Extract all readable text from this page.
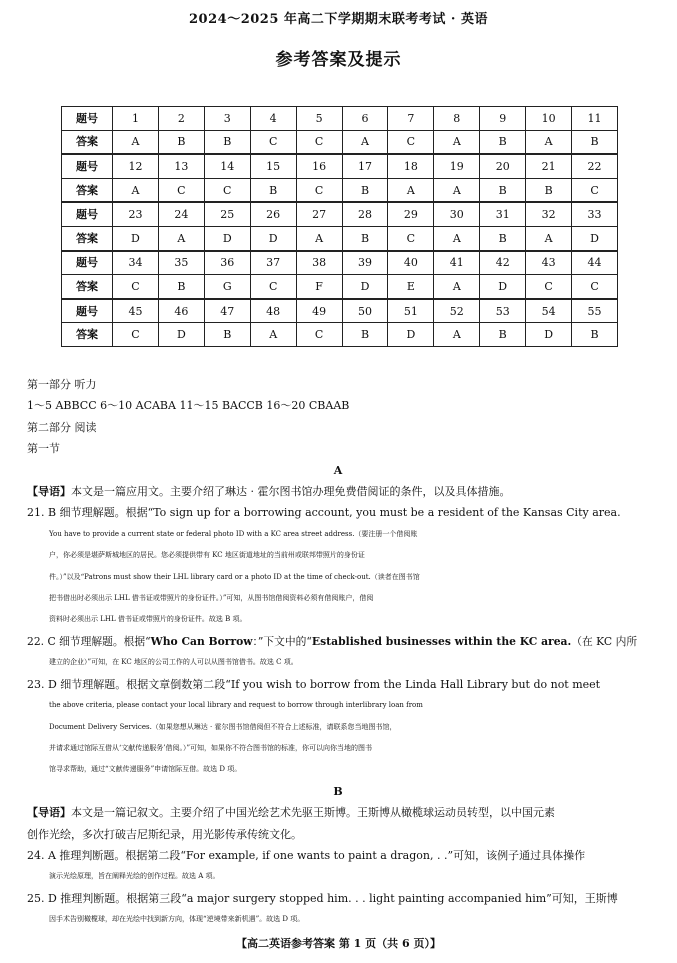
2024～2025 年高二下学期期末联考考试 · 英语
参考答案及提示
题号	1	2	3	4	5	6	7	8	9	10	11
答案	A	B	B	C	C	A	C	A	B	A	B
题号	12	13	14	15	16	17	18	19	20	21	22
答案	A	C	C	B	C	B	A	A	B	B	C
题号	23	24	25	26	27	28	29	30	31	32	33
答案	D	A	D	D	A	B	C	A	B	A	D
题号	34	35	36	37	38	39	40	41	42	43	44
答案	C	B	G	C	F	D	E	A	D	C	C
题号	45	46	47	48	49	50	51	52	53	54	55
答案	C	D	B	A	C	B	D	A	B	D	B
第一部分 听力
1～5 ABBCC 6～10 ACABA 11～15 BACCB 16～20 CBAAB
第二部分 阅读
第一节
A
【导语】本文是一篇应用文。主要介绍了琳达 · 霍尔图书馆办理免费借阅证的条件，以及具体措施。
21. B 细节理解题。根据“To sign up for a borrowing account, you must be a resident of the Kansas City area.
You have to provide a current state or federal photo ID with a KC area street address.（要注册一个借阅账
户，你必须是堪萨斯城地区的居民。您必须提供带有 KC 地区街道地址的当前州或联邦带照片的身份证
件。）”以及“Patrons must show their LHL library card or a photo ID at the time of check-out.（读者在图书馆
把书借出时必须出示 LHL 借书证或带照片的身份证件。）”可知，从图书馆借阅资料必须有借阅账户，借阅
资料时必须出示 LHL 借书证或带照片的身份证件。故选 B 项。
22. C 细节理解题。根据“Who Can Borrow：”下文中的“Established businesses within the KC area.（在 KC 内所
建立的企业）”可知，在 KC 地区的公司工作的人可以从图书馆借书。故选 C 项。
23. D 细节理解题。根据文章倒数第二段“If you wish to borrow from the Linda Hall Library but do not meet
the above criteria, please contact your local library and request to borrow through interlibrary loan from
Document Delivery Services.（如果您想从琳达 · 霍尔图书馆借阅但不符合上述标准，请联系您当地图书馆，
并请求通过馆际互借从‘文献传递服务’借阅。）”可知，如果你不符合图书馆的标准，你可以向你当地的图书
馆寻求帮助，通过“文献传递服务”申请馆际互借。故选 D 项。
B
【导语】本文是一篇记叙文。主要介绍了中国光绘艺术先驱王斯博。王斯博从橄榄球运动员转型，以中国元素
创作光绘，多次打破吉尼斯纪录，用光影传承传统文化。
24. A 推理判断题。根据第二段“For example, if one wants to paint a dragon, . .”可知，该例子通过具体操作
演示光绘原理，旨在阐释光绘的创作过程。故选 A 项。
25. D 推理判断题。根据第三段“a major surgery stopped him. . . light painting accompanied him”可知，王斯博
因手术告别橄榄球，却在光绘中找到新方向，体现“逆境带来新机遇”。故选 D 项。
【高二英语参考答案 第 1 页（共 6 页）】
